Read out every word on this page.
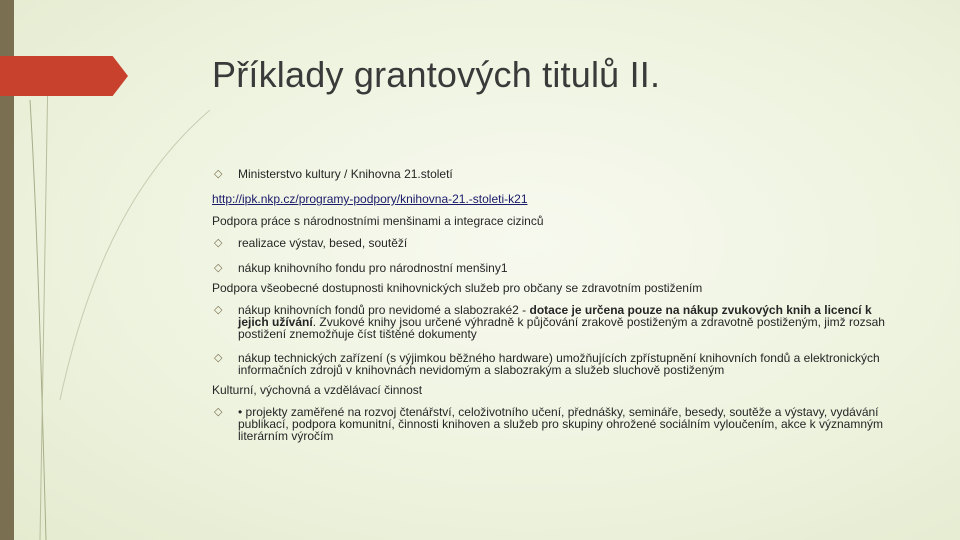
Příklady grantových titulů II.
◇ Ministerstvo kultury / Knihovna 21.století
http://ipk.nkp.cz/programy-podpory/knihovna-21.-stoleti-k21
Podpora práce s národnostními menšinami a integrace cizinců
◇ realizace výstav, besed, soutěží
◇ nákup knihovního fondu pro národnostní menšiny1
Podpora všeobecné dostupnosti knihovnických služeb pro občany se zdravotním postižením
◇ nákup knihovních fondů pro nevidomé a slabozraké2 - dotace je určena pouze na nákup zvukových knih a licencí k jejich užívání. Zvukové knihy jsou určené výhradně k půjčování zrakově postiženým a zdravotně postiženým, jimž rozsah postižení znemožňuje číst tištěné dokumenty
◇ nákup technických zařízení (s výjimkou běžného hardware) umožňujících zpřístupnění knihovních fondů a elektronických informačních zdrojů v knihovnách nevidomým a slabozrakým a služeb sluchově postiženým
Kulturní, výchovná a vzdělávací činnost
◇ • projekty zaměřené na rozvoj čtenářství, celoživotního učení, přednášky, semináře, besedy, soutěže a výstavy, vydávání publikací, podpora komunitní, činnosti knihoven a služeb pro skupiny ohrožené sociálním vyloučením, akce k významným literárním výročím
